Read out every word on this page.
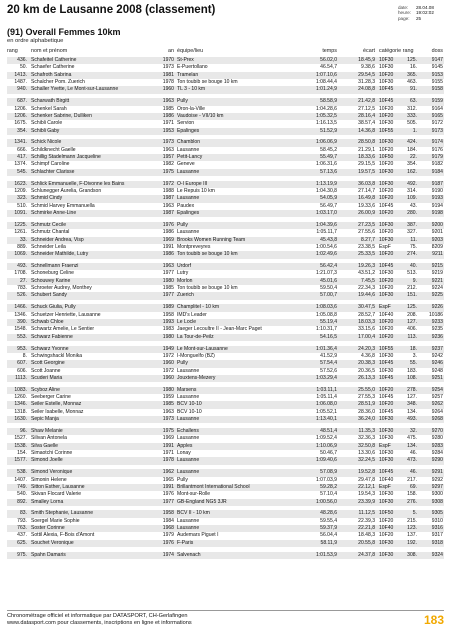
20 km de Lausanne 2008 (classement)	date:	28.04.08
heure:	19:02:02
page:	25
(91) Overall Femmes 10km
en ordre alphabetique
rang	nom et prénom	an équipe/lieu	temps	écart catégorie rang	doss
436. Schafeitel Catherine	1970 St-Prex	56.02,0	18.45,9 10F30	125.	9147
50. Schaefer Catherine	1973 E-Puertollano	46.54,7	9.38,6 10F30	16.	9145
1413. Schafroth Sabrina	1981 Tramelan	1:07.10,6	29.54,5 10F20	365.	9153
1487. Schalcher Pom. Zuerich	1978 Ton toubib se bouge 10 km	1:08.44,4	31.28,3 10F30	463.	9155
940. Schaller Yvette, Le Mont-sur-Lausanne	1960 TL 3 - 10 km	1:01.24,9	24.08,8 10F45	91.	9158
687. Scharwath Birgitt	1963 Pully	58.58,9	21.42,8 10F45	63.	9159
1206. Schenkel Sarah	1985 Oron-la-Ville	1:04.28,6	27.12,5 10F20	312.	9164
1206. Schenker Sabrine, Dulliken	1986 Vaudoise - VII/10 km	1:05.32,5	28.16,4 10F20	333.	9165
1675. Schibli Carole	1971 Servion	1:16.13,5	38.57,4 10F30	505.	9172
354. Schibli Gaby	1953 Epalinges	51.52,9	14.36,8 10F55	1.	9173
1341. Schick Nicole	1973 Chamblon	1:06.06,9	28.50,8 10F30	424.	9174
666. Schildknecht Gaelle	1963 Lausanne	58.45,2	21.29,1 10F20	184.	9176
417. Schillig Stadelmann Jacqueline	1957 Petit-Lancy	55.49,7	18.33,6 10F50	22.	9179
1374. Schimpf Caroline	1982 Geneve	1:06.31,6	29.15,5 10F20	354.	9182
545. Schlachter Clarisse	1975 Lausanne	57.13,6	19.57,5 10F30	162.	9184
1623. Schlick Emmanuelle, F-Divonne les Bains	1972 O-I Europe III	1:13.19,9	36.03,8 10F30	492.	9187
1209. Schlunegger Aurelia, Grandson	1988 Le Repuis 10 km	1:04.30,8	27.14,7 10F20	314.	9190
323. Schmid Cindy	1987 Lausanne	54.05,9	16.49,8 10F20	109.	9193
510. Schmid Harvey Emmanuella	1963 Paudex	56.49,7	19.33,6 10F45	43.	9194
1091. Schmirke Anne-Line	1987 Epalinges	1:03.17,0	26.00,9 10F20	280.	9198
1225. Schmutz Cecile	1976 Pully	1:04.39,6	27.23,5 10F30	387.	9200
1261. Schmutz Chantal	1986 Lausanne	1:05.11,7	27.55,6 10F20	327.	9201
33. Schneider Andrea, Visp	1969 Brooks Women Running Team	45.43,8	8.27,7 10F30	11.	9203
889. Schneider Leila	1991 Montpreveyres	1:00.54,6	23.38,5 EspF	75.	8209
1069. Schneider Mathilde, Lutry	1986 Ton toubib se bouge 10 km	1:02.49,6	25.33,5 10F20	274.	9211
493. Schnellmann Fraenzi	1963 Urdorf	56.42,4	19.26,3 10F45	40.	9215
1708. Schoneburg Celine	1977 Lutry	1:21.07,3	43.51,2 10F30	513.	9219
27. Schouwey Karine	1980 Morlon	45.01,6	7.45,5 10F20	9.	9221
783. Schroeter Audrey, Monthey	1985 Ton toubib se bouge 10 km	59.50,4	22.34,3 10F20	212.	9224
526. Schubert Sandy	1977 Zuerich	57.00,7	19.44,6 10F30	151.	9225
1466. Schuck Giulia, Pully	1989 Champlitel - 10 km	1:08.03,6	30.47,5 EspF	125.	9226
1346. Schuetzer Henriette, Lausanne	1958 IMD's Leader	1:05.08,8	28.52,7 10F40	208.	10186
390. Schwab Chloe	1993 Le Locle	55.19,4	18.03,3 10F20	127.	9233
1548. Schwartz Amelie, Le Sentier	1983 Jaeger Lecoultre II - Jean-Marc Paget	1:10.31,7	33.15,6 10F20	406.	9235
553. Schwarz Fabienne	1980 La Tour-de-Peilz	54.16,5	17.00,4 10F20	113.	9236
953. Schwarz Yvonne	1949 Le Mont-sur-Lausanne	1:01.36,4	24.20,3 10F55	18.	9237
8. Schwingshackl Monika	1972 I-Monguelfo (BZ)	41.52,9	4.36,8 10F30	3.	9242
607. Scott Georgine	1960 Pully	57.54,4	20.38,3 10F45	55.	9246
606. Scott Joanne	1972 Lausanne	57.52,6	20.36,5 10F30	183.	9248
1113. Scuderi Maria	1960 Jouxtens-Mezery	1:03.29,4	26.13,3 10F45	108.	9251
1083. Scyboz Aline	1980 Marsens	1:03.11,1	25.55,0 10F20	278.	9254
1260. Seeberger Carine	1959 Lausanne	1:05.11,4	27.55,3 10F45	127.	9257
1346. Seiler Estelle, Monnaz	1985 BCV 10-10	1:06.08,0	28.51,9 10F20	348.	9262
1318. Seiler Isabelle, Monnaz	1963 BCV 10-10	1:05.52,1	28.36,0 10F45	134.	9264
1630. Sepic Manja	1973 Lausanne	1:13.40,1	36.24,0 10F30	493.	9268
96. Shaw Melanie	1975 Echallens	48.51,4	11.35,3 10F30	32.	9270
1527. Silivan Antonela	1969 Lausanne	1:09.52,4	32.36,3 10F30	475.	9280
1538. Silva Gaelle	1991 Apples	1:10.06,9	32.50,8 EspF	134.	9283
154. Simaotchi Corinne	1971 Lonay	50.46,7	13.30,6 10F30	46.	9284
1577. Simond Joelle	1978 Lausanne	1:09.40,6	32.24,5 10F30	473.	9290
538. Simond Veronique	1962 Lausanne	57.08,9	19.52,8 10F45	46.	9291
1407. Simonin Helene	1965 Pully	1:07.03,9	29.47,8 10F40	217.	9292
749. Sitton Esther, Lausanne	1991 Brillantmont International School	59.28,2	22.12,1 EspF	69.	9297
540. Skivan Flocard Valerie	1976 Mont-sur-Rolle	57.10,4	19.54,3 10F30	158.	9300
892. Smalley Lorna	1977 GB-England NG5 3JR	1:00.56,0	23.39,9 10F30	276.	9308
83. Smith Stephanie, Lausanne	1958 BCV II - 10 km	48.28,6	11.12,5 10F50	5.	9305
793. Soergel Marie Sophie	1984 Lausanne	59.55,4	22.39,3 10F20	215.	9310
763. Soster Corinne	1968 Lausanne	59.37,9	22.21,8 10F40	123.	9316
437. Sottil Alexia, F-Bois d'Amont	1979 Audemars Piguet I	56.04,4	18.48,3 10F20	137.	9317
625. Souchet Veronique	1976 F-Paris	58.11,9	20.55,8 10F30	192.	9318
975. Spahn Damaris	1974 Salvenach	1:01.53,9	24.37,8 10F30	308.	9324
Chronométrage officiel et informatique par DATASPORT, CH-Gerlafingen
www.datasport.com pour classements, inscriptions en ligne et informations	183
